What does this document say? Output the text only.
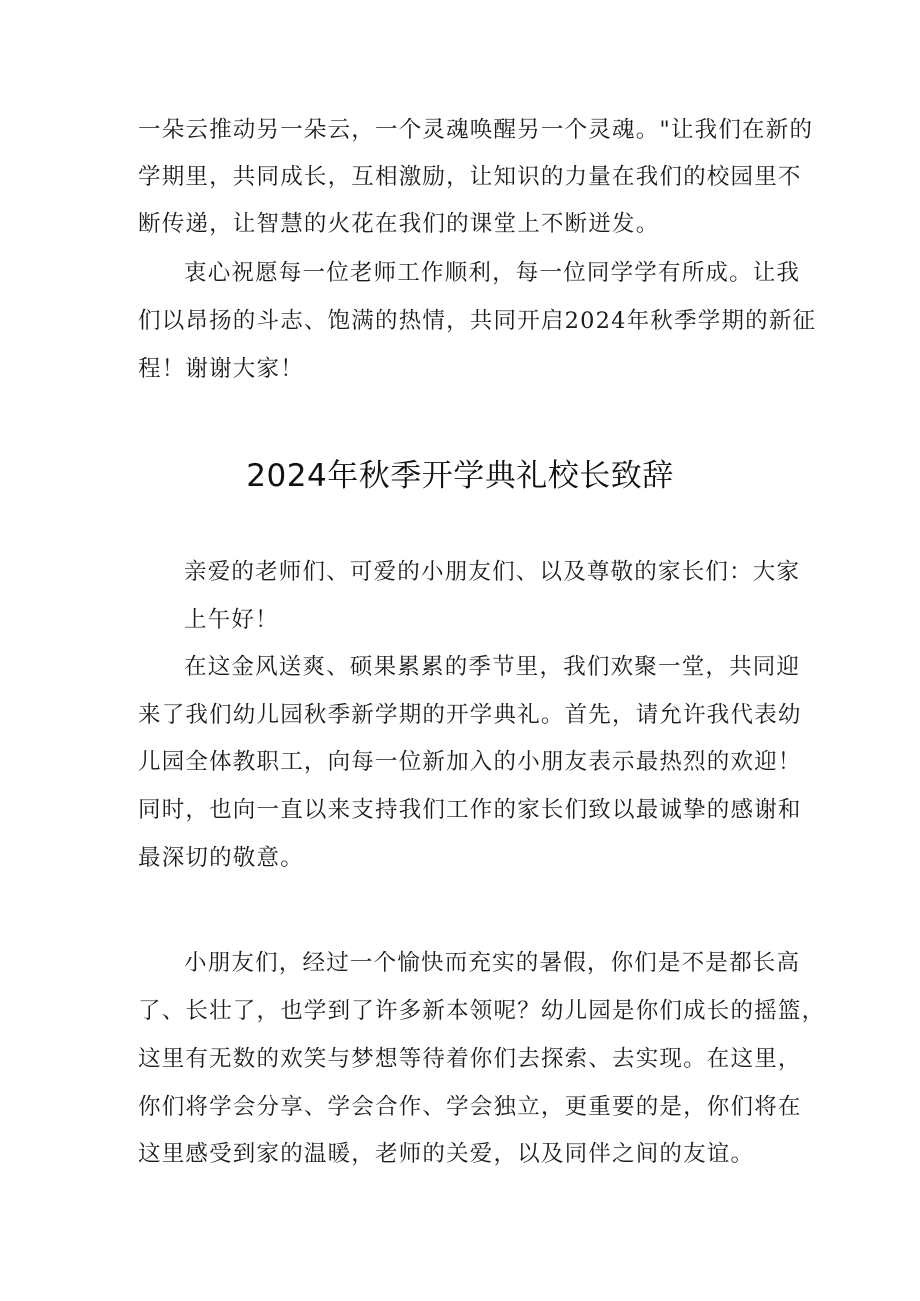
一朵云推动另一朵云，一个灵魂唤醒另一个灵魂。"让我们在新的
学期里，共同成长，互相激励，让知识的力量在我们的校园里不
断传递，让智慧的火花在我们的课堂上不断迸发。
衷心祝愿每一位老师工作顺利，每一位同学学有所成。让我
们以昂扬的斗志、饱满的热情，共同开启2024年秋季学期的新征
程！谢谢大家！
2024年秋季开学典礼校长致辞
亲爱的老师们、可爱的小朋友们、以及尊敬的家长们：大家
上午好！
在这金风送爽、硕果累累的季节里，我们欢聚一堂，共同迎
来了我们幼儿园秋季新学期的开学典礼。首先，请允许我代表幼
儿园全体教职工，向每一位新加入的小朋友表示最热烈的欢迎！
同时，也向一直以来支持我们工作的家长们致以最诚挚的感谢和
最深切的敬意。
小朋友们，经过一个愉快而充实的暑假，你们是不是都长高
了、长壮了，也学到了许多新本领呢？幼儿园是你们成长的摇篮，
这里有无数的欢笑与梦想等待着你们去探索、去实现。在这里，
你们将学会分享、学会合作、学会独立，更重要的是，你们将在
这里感受到家的温暖，老师的关爱，以及同伴之间的友谊。
